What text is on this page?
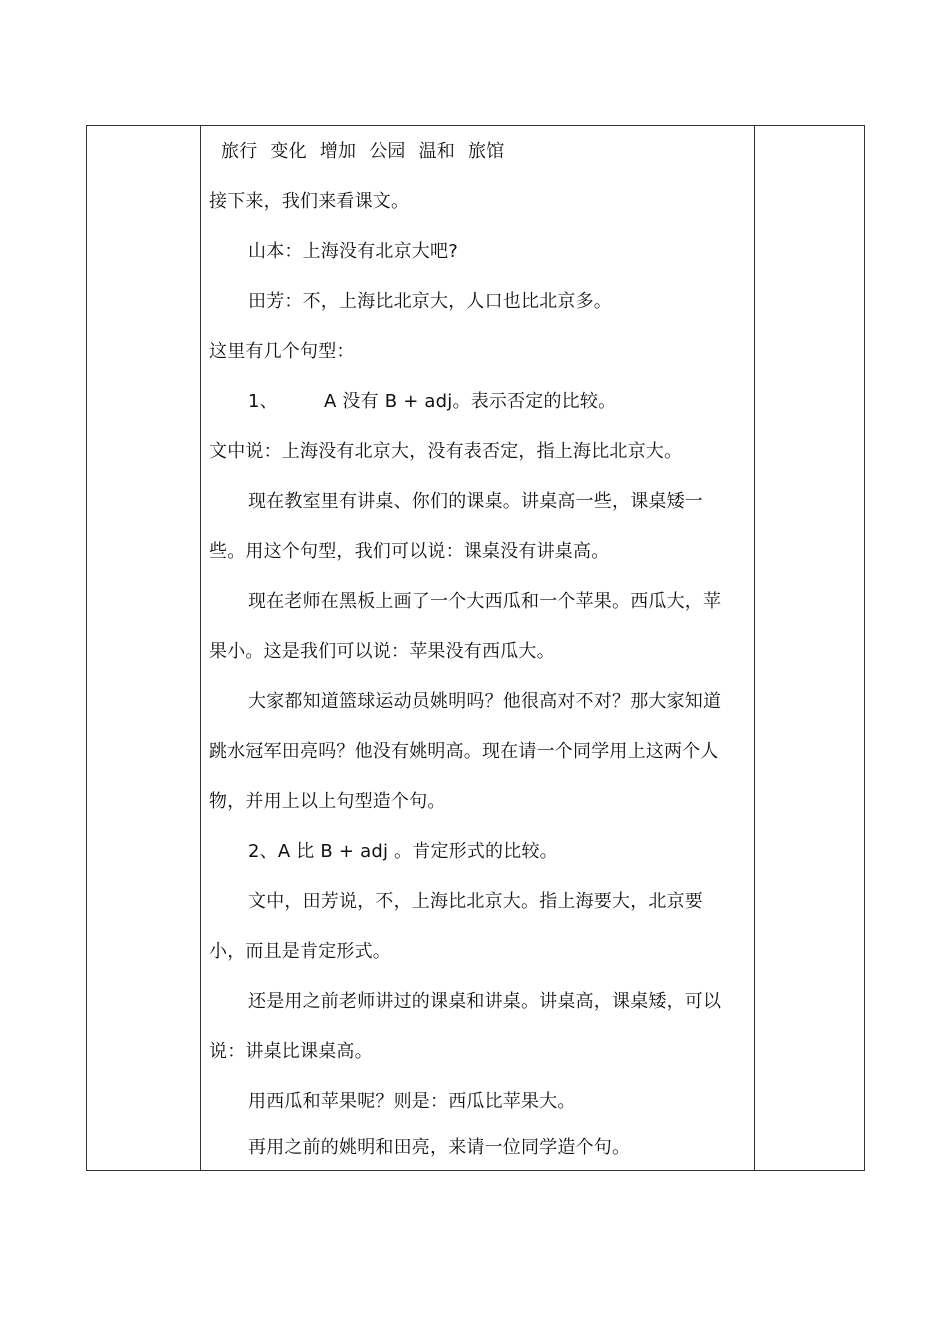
旅行 变化 增加 公园 温和 旅馆
接下来，我们来看课文。
山本：上海没有北京大吧?
田芳：不，上海比北京大，人口也比北京多。
这里有几个句型：
1、	A 没有 B + adj。表示否定的比较。
文中说：上海没有北京大，没有表否定，指上海比北京大。
现在教室里有讲桌、你们的课桌。讲桌高一些，课桌矮一
些。用这个句型，我们可以说：课桌没有讲桌高。
现在老师在黑板上画了一个大西瓜和一个苹果。西瓜大，苹
果小。这是我们可以说：苹果没有西瓜大。
大家都知道篮球运动员姚明吗？他很高对不对？那大家知道
跳水冠军田亮吗？他没有姚明高。现在请一个同学用上这两个人
物，并用上以上句型造个句。
2、A 比 B + adj 。肯定形式的比较。
文中，田芳说，不，上海比北京大。指上海要大，北京要
小，而且是肯定形式。
还是用之前老师讲过的课桌和讲桌。讲桌高，课桌矮，可以
说：讲桌比课桌高。
用西瓜和苹果呢？则是：西瓜比苹果大。
再用之前的姚明和田亮，来请一位同学造个句。
